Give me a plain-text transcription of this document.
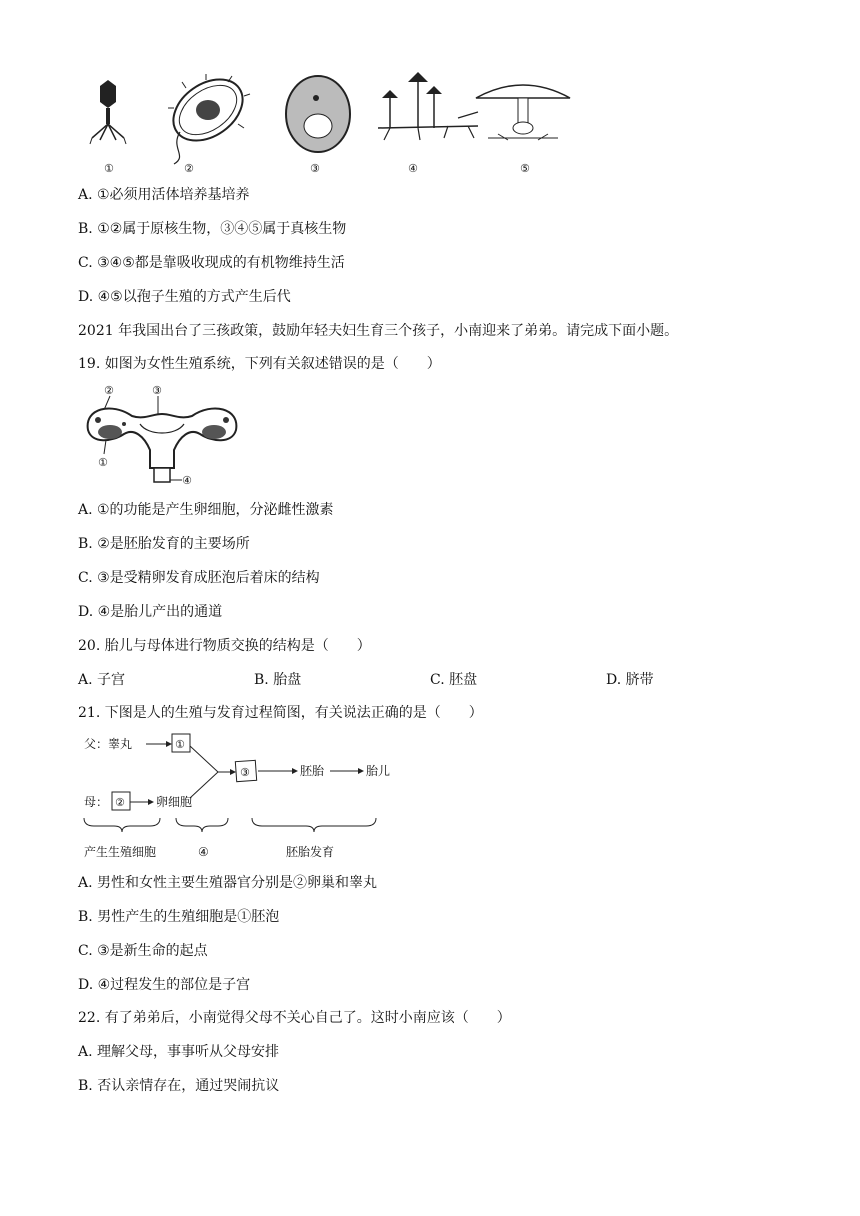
①	②	③	④	⑤
A. ①必须用活体培养基培养
B. ①②属于原核生物，③④⑤属于真核生物
C. ③④⑤都是靠吸收现成的有机物维持生活
D. ④⑤以孢子生殖的方式产生后代
2021 年我国出台了三孩政策，鼓励年轻夫妇生育三个孩子，小南迎来了弟弟。请完成下面小题。
19. 如图为女性生殖系统，下列有关叙述错误的是（　　）
②	③
①
④
A. ①的功能是产生卵细胞，分泌雌性激素
B. ②是胚胎发育的主要场所
C. ③是受精卵发育成胚泡后着床的结构
D. ④是胎儿产出的通道
20. 胎儿与母体进行物质交换的结构是（　　）
A. 子宫	B. 胎盘	C. 胚盘	D. 脐带
21. 下图是人的生殖与发育过程简图，有关说法正确的是（　　）
父：睾丸	①
③	胚胎	胎儿
母： ②	卵细胞
产生生殖细胞	④	胚胎发育
A. 男性和女性主要生殖器官分别是②卵巢和睾丸
B. 男性产生的生殖细胞是①胚泡
C. ③是新生命的起点
D. ④过程发生的部位是子宫
22. 有了弟弟后，小南觉得父母不关心自己了。这时小南应该（　　）
A. 理解父母，事事听从父母安排
B. 否认亲情存在，通过哭闹抗议
